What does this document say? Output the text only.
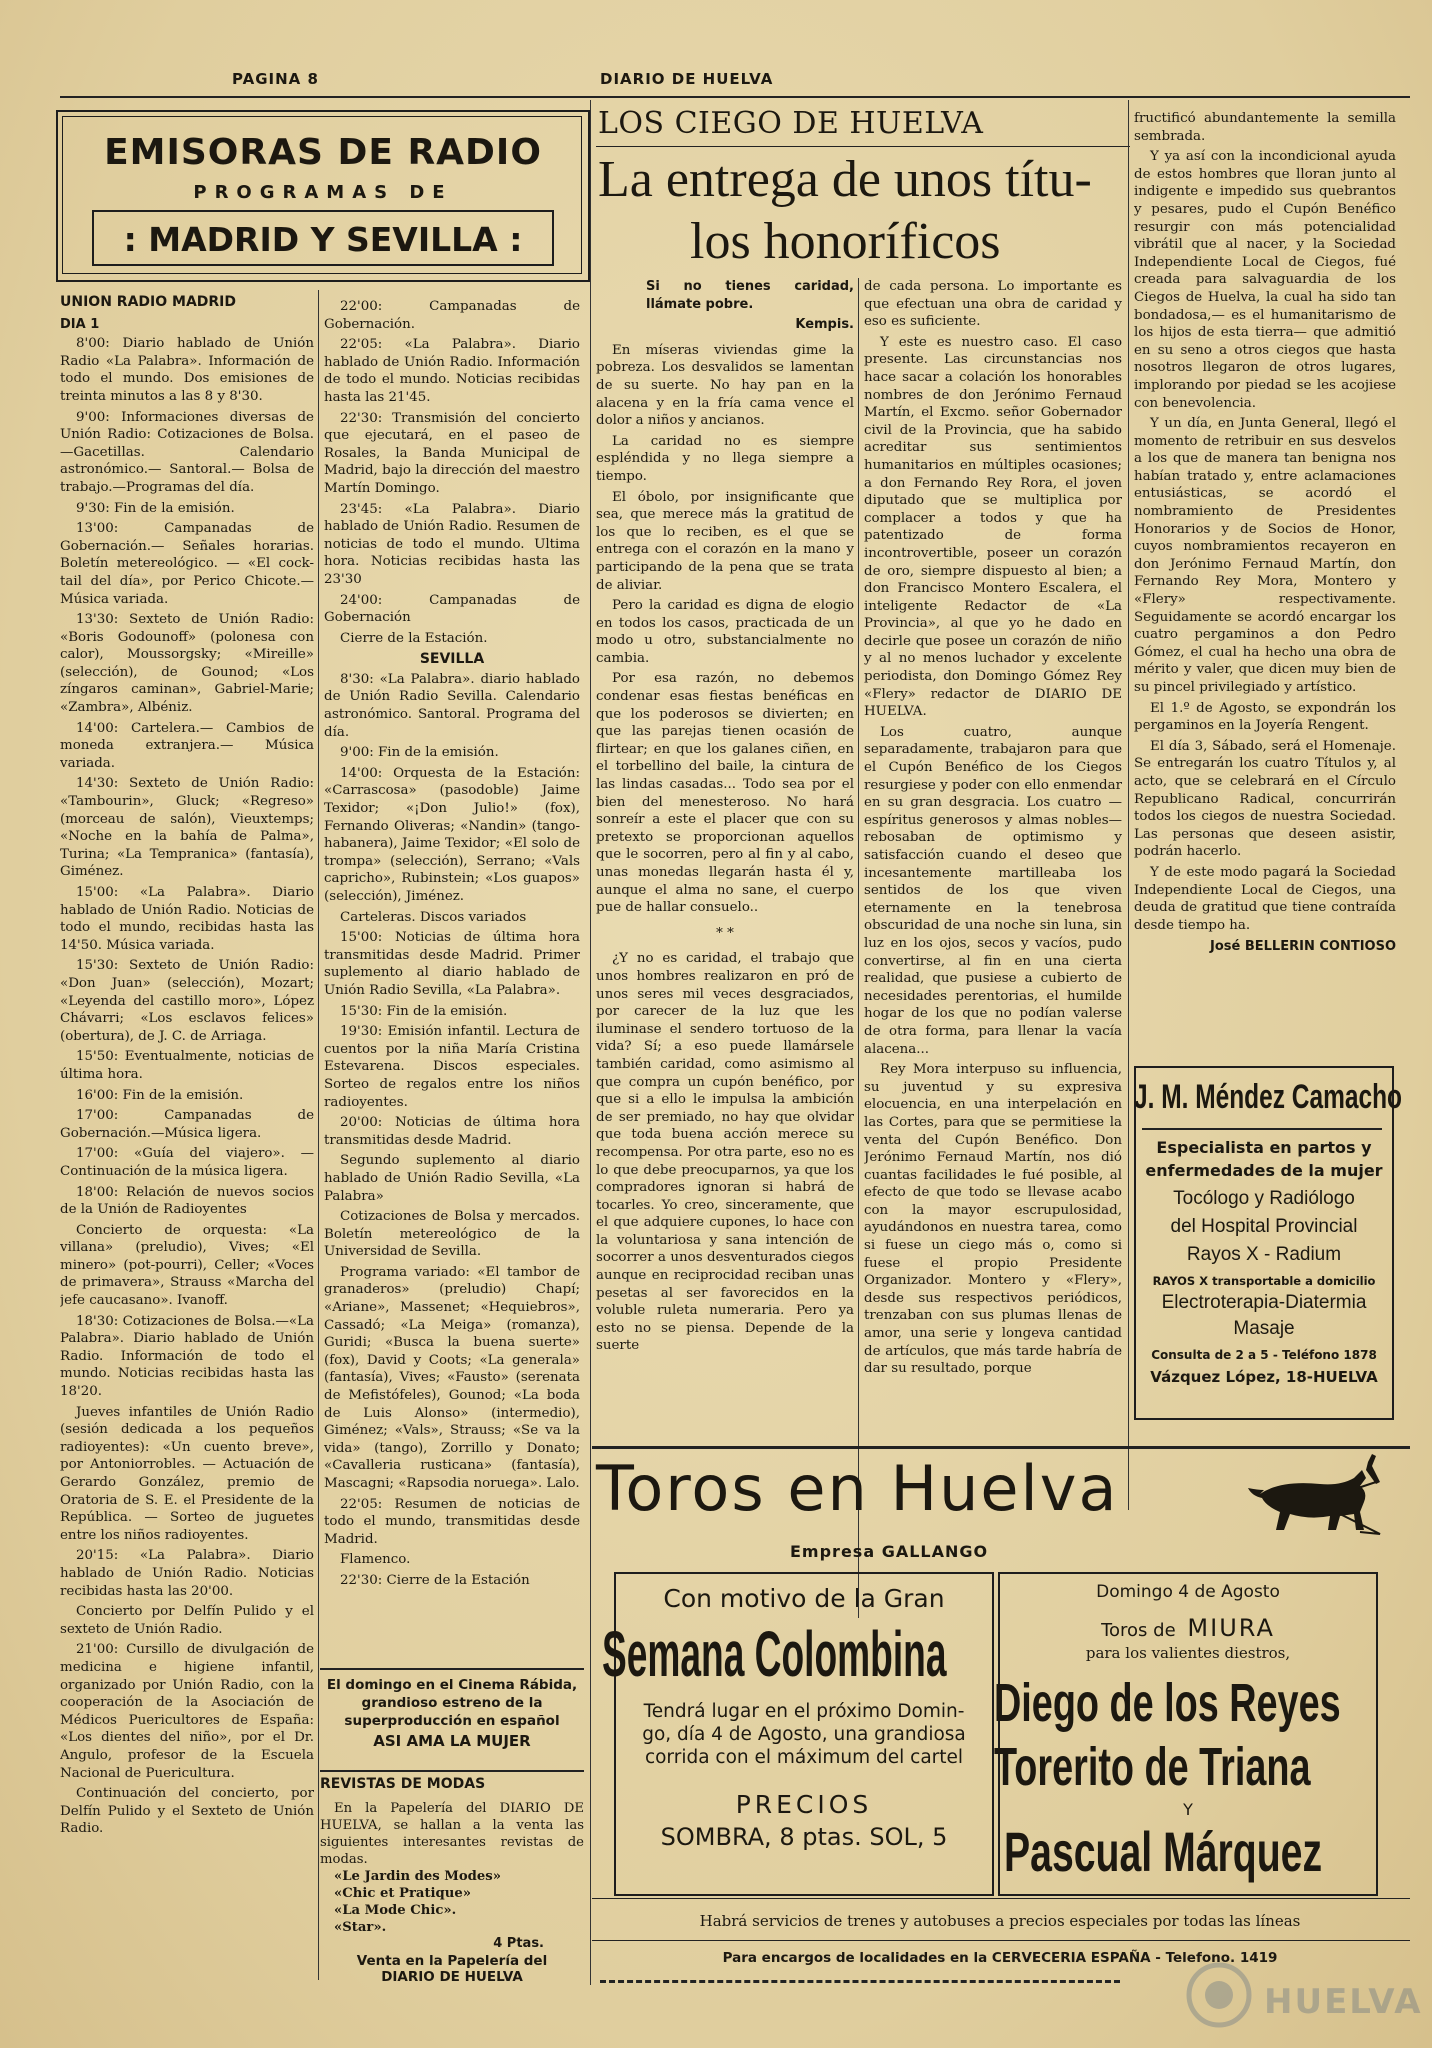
PAGINA 8	DIARIO DE HUELVA
EMISORAS DE RADIO
PROGRAMAS DE
: MADRID Y SEVILLA :
UNION RADIO MADRID
DIA 1

8'00: Diario hablado de Unión Radio «La Palabra». Información de todo el mundo. Dos emisiones de treinta minutos a las 8 y 8'30.

9'00: Informaciones diversas de Unión Radio: Cotizaciones de Bolsa.—Gacetillas. Calendario astronómico.— Santoral.— Bolsa de trabajo.—Programas del día.

9'30: Fin de la emisión.

13'00: Campanadas de Gobernación.— Señales horarias. Boletín metereológico. — «El cock-tail del día», por Perico Chicote.—Música variada.

13'30: Sexteto de Unión Radio: «Boris Godounoff» (polonesa con calor), Moussorgsky; «Mireille» (selección), de Gounod; «Los zíngaros caminan», Gabriel-Marie; «Zambra», Albéniz.

14'00: Cartelera.— Cambios de moneda extranjera.— Música variada.

14'30: Sexteto de Unión Radio: «Tambourin», Gluck; «Regreso» (morceau de salón), Vieuxtemps; «Noche en la bahía de Palma», Turina; «La Tempranica» (fantasía), Giménez.

15'00: «La Palabra». Diario hablado de Unión Radio. Noticias de todo el mundo, recibidas hasta las 14'50. Música variada.

15'30: Sexteto de Unión Radio: «Don Juan» (selección), Mozart; «Leyenda del castillo moro», López Chávarri; «Los esclavos felices» (obertura), de J. C. de Arriaga.

15'50: Eventualmente, noticias de última hora.

16'00: Fin de la emisión.

17'00: Campanadas de Gobernación.—Música ligera.

17'00: «Guía del viajero». — Continuación de la música ligera.

18'00: Relación de nuevos socios de la Unión de Radioyentes

Concierto de orquesta: «La villana» (preludio), Vives; «El minero» (pot-pourri), Celler; «Voces de primavera», Strauss «Marcha del jefe caucasano». Ivanoff.

18'30: Cotizaciones de Bolsa.—«La Palabra». Diario hablado de Unión Radio. Información de todo el mundo. Noticias recibidas hasta las 18'20.

Jueves infantiles de Unión Radio (sesión dedicada a los pequeños radioyentes): «Un cuento breve», por Antoniorrobles. — Actuación de Gerardo González, premio de Oratoria de S. E. el Presidente de la República. — Sorteo de juguetes entre los niños radioyentes.

20'15: «La Palabra». Diario hablado de Unión Radio. Noticias recibidas hasta las 20'00.

Concierto por Delfín Pulido y el sexteto de Unión Radio.

21'00: Cursillo de divulgación de medicina e higiene infantil, organizado por Unión Radio, con la cooperación de la Asociación de Médicos Puericultores de España: «Los dientes del niño», por el Dr. Angulo, profesor de la Escuela Nacional de Puericultura.

Continuación del concierto, por Delfín Pulido y el Sexteto de Unión Radio.

22'00: Campanadas de Gobernación.

22'05: «La Palabra». Diario hablado de Unión Radio. Información de todo el mundo. Noticias recibidas hasta las 21'45.

22'30: Transmisión del concierto que ejecutará, en el paseo de Rosales, la Banda Municipal de Madrid, bajo la dirección del maestro Martín Domingo.

23'45: «La Palabra». Diario hablado de Unión Radio. Resumen de noticias de todo el mundo. Ultima hora. Noticias recibidas hasta las 23'30

24'00: Campanadas de Gobernación

Cierre de la Estación.

SEVILLA

8'30: «La Palabra». diario hablado de Unión Radio Sevilla. Calendario astronómico. Santoral. Programa del día.

9'00: Fin de la emisión.

14'00: Orquesta de la Estación: «Carrascosa» (pasodoble) Jaime Texidor; «¡Don Julio!» (fox), Fernando Oliveras; «Nandin» (tango-habanera), Jaime Texidor; «El solo de trompa» (selección), Serrano; «Vals capricho», Rubinstein; «Los guapos» (selección), Jiménez.

Carteleras. Discos variados

15'00: Noticias de última hora transmitidas desde Madrid. Primer suplemento al diario hablado de Unión Radio Sevilla, «La Palabra».

15'30: Fin de la emisión.

19'30: Emisión infantil. Lectura de cuentos por la niña María Cristina Estevarena. Discos especiales. Sorteo de regalos entre los niños radioyentes.

20'00: Noticias de última hora transmitidas desde Madrid.

Segundo suplemento al diario hablado de Unión Radio Sevilla, «La Palabra»

Cotizaciones de Bolsa y mercados. Boletín metereológico de la Universidad de Sevilla.

Programa variado: «El tambor de granaderos» (preludio) Chapí; «Ariane», Massenet; «Hequiebros», Cassadó; «La Meiga» (romanza), Guridi; «Busca la buena suerte» (fox), David y Coots; «La generala» (fantasía), Vives; «Fausto» (serenata de Mefistófeles), Gounod; «La boda de Luis Alonso» (intermedio), Giménez; «Vals», Strauss; «Se va la vida» (tango), Zorrillo y Donato; «Cavalleria rusticana» (fantasía), Mascagni; «Rapsodia noruega». Lalo.

22'05: Resumen de noticias de todo el mundo, transmitidas desde Madrid.

Flamenco.

22'30: Cierre de la Estación

El domingo en el Cinema Rábida, grandioso estreno de la superproducción en español
ASI AMA LA MUJER
REVISTAS DE MODAS
En la Papelería del DIARIO DE HUELVA, se hallan a la venta las siguientes interesantes revistas de modas.
«Le Jardin des Modes»
«Chic et Pratique»
«La Mode Chic».
«Star».
4 Ptas.
Venta en la Papelería del
DIARIO DE HUELVA
LOS CIEGO DE HUELVA
La entrega de unos títu-
los honoríficos

Si no tienes caridad, llámate pobre.

Kempis.

En míseras viviendas gime la pobreza. Los desvalidos se lamentan de su suerte. No hay pan en la alacena y en la fría cama vence el dolor a niños y ancianos.

La caridad no es siempre espléndida y no llega siempre a tiempo.

El óbolo, por insignificante que sea, que merece más la gratitud de los que lo reciben, es el que se entrega con el corazón en la mano y participando de la pena que se trata de aliviar.

Pero la caridad es digna de elogio en todos los casos, practicada de un modo u otro, substancialmente no cambia.

Por esa razón, no debemos condenar esas fiestas benéficas en que los poderosos se divierten; en que las parejas tienen ocasión de flirtear; en que los galanes ciñen, en el torbellino del baile, la cintura de las lindas casadas... Todo sea por el bien del menesteroso. No hará sonreír a este el placer que con su pretexto se proporcionan aquellos que le socorren, pero al fin y al cabo, unas monedas llegarán hasta él y, aunque el alma no sane, el cuerpo pue de hallar consuelo..

* *

¿Y no es caridad, el trabajo que unos hombres realizaron en pró de unos seres mil veces desgraciados, por carecer de la luz que les iluminase el sendero tortuoso de la vida? Sí; a eso puede llamársele también caridad, como asimismo al que compra un cupón benéfico, por que si a ello le impulsa la ambición de ser premiado, no hay que olvidar que toda buena acción merece su recompensa. Por otra parte, eso no es lo que debe preocuparnos, ya que los compradores ignoran si habrá de tocarles. Yo creo, sinceramente, que el que adquiere cupones, lo hace con la voluntariosa y sana intención de socorrer a unos desventurados ciegos aunque en reciprocidad reciban unas pesetas al ser favorecidos en la voluble ruleta numeraria. Pero ya esto no se piensa. Depende de la suerte

de cada persona. Lo importante es que efectuan una obra de caridad y eso es suficiente.

Y este es nuestro caso. El caso presente. Las circunstancias nos hace sacar a colación los honorables nombres de don Jerónimo Fernaud Martín, el Excmo. señor Gobernador civil de la Provincia, que ha sabido acreditar sus sentimientos humanitarios en múltiples ocasiones; a don Fernando Rey Rora, el joven diputado que se multiplica por complacer a todos y que ha patentizado de forma incontrovertible, poseer un corazón de oro, siempre dispuesto al bien; a don Francisco Montero Escalera, el inteligente Redactor de «La Provincia», al que yo he dado en decirle que posee un corazón de niño y al no menos luchador y excelente periodista, don Domingo Gómez Rey «Flery» redactor de DIARIO DE HUELVA.

Los cuatro, aunque separadamente, trabajaron para que el Cupón Benéfico de los Ciegos resurgiese y poder con ello enmendar en su gran desgracia. Los cuatro —espíritus generosos y almas nobles— rebosaban de optimismo y satisfacción cuando el deseo que incesantemente martilleaba los sentidos de los que viven eternamente en la tenebrosa obscuridad de una noche sin luna, sin luz en los ojos, secos y vacíos, pudo convertirse, al fin en una cierta realidad, que pusiese a cubierto de necesidades perentorias, el humilde hogar de los que no podían valerse de otra forma, para llenar la vacía alacena...

Rey Mora interpuso su influencia, su juventud y su expresiva elocuencia, en una interpelación en las Cortes, para que se permitiese la venta del Cupón Benéfico. Don Jerónimo Fernaud Martín, nos dió cuantas facilidades le fué posible, al efecto de que todo se llevase acabo con la mayor escrupulosidad, ayudándonos en nuestra tarea, como si fuese un ciego más o, como si fuese el propio Presidente Organizador. Montero y «Flery», desde sus respectivos periódicos, trenzaban con sus plumas llenas de amor, una serie y longeva cantidad de artículos, que más tarde habría de dar su resultado, porque

fructificó abundantemente la semilla sembrada.

Y ya así con la incondicional ayuda de estos hombres que lloran junto al indigente e impedido sus quebrantos y pesares, pudo el Cupón Benéfico resurgir con más potencialidad vibrátil que al nacer, y la Sociedad Independiente Local de Ciegos, fué creada para salvaguardia de los Ciegos de Huelva, la cual ha sido tan bondadosa,— es el humanitarismo de los hijos de esta tierra— que admitió en su seno a otros ciegos que hasta nosotros llegaron de otros lugares, implorando por piedad se les acojiese con benevolencia.

Y un día, en Junta General, llegó el momento de retribuir en sus desvelos a los que de manera tan benigna nos habían tratado y, entre aclamaciones entusiásticas, se acordó el nombramiento de Presidentes Honorarios y de Socios de Honor, cuyos nombramientos recayeron en don Jerónimo Fernaud Martín, don Fernando Rey Mora, Montero y «Flery» respectivamente. Seguidamente se acordó encargar los cuatro pergaminos a don Pedro Gómez, el cual ha hecho una obra de mérito y valer, que dicen muy bien de su pincel privilegiado y artístico.

El 1.º de Agosto, se expondrán los pergaminos en la Joyería Rengent.

El día 3, Sábado, será el Homenaje. Se entregarán los cuatro Títulos y, al acto, que se celebrará en el Círculo Republicano Radical, concurrirán todos los ciegos de nuestra Sociedad. Las personas que deseen asistir, podrán hacerlo.

Y de este modo pagará la Sociedad Independiente Local de Ciegos, una deuda de gratitud que tiene contraída desde tiempo ha.

José BELLERIN CONTIOSO

J. M. Méndez Camacho
Especialista en partos y
enfermedades de la mujer
Tocólogo y Radiólogo
del Hospital Provincial
Rayos X - Radium
RAYOS X transportable a domicilio
Electroterapia-Diatermia
Masaje
Consulta de 2 a 5 - Teléfono 1878
Vázquez López, 18-HUELVA
Toros en Huelva
Empresa GALLANGO
Con motivo de la Gran
Semana Colombina
Tendrá lugar en el próximo Domin-
go, día 4 de Agosto, una grandiosa
corrida con el máximum del cartel
PRECIOS
SOMBRA, 8 ptas. SOL, 5
Domingo 4 de Agosto
Toros de MIURA
para los valientes diestros,
Diego de los Reyes
Torerito de Triana
Y
Pascual Márquez
Habrá servicios de trenes y autobuses a precios especiales por todas las líneas
Para encargos de localidades en la CERVECERIA ESPAÑA - Telefono. 1419
HUELVA
